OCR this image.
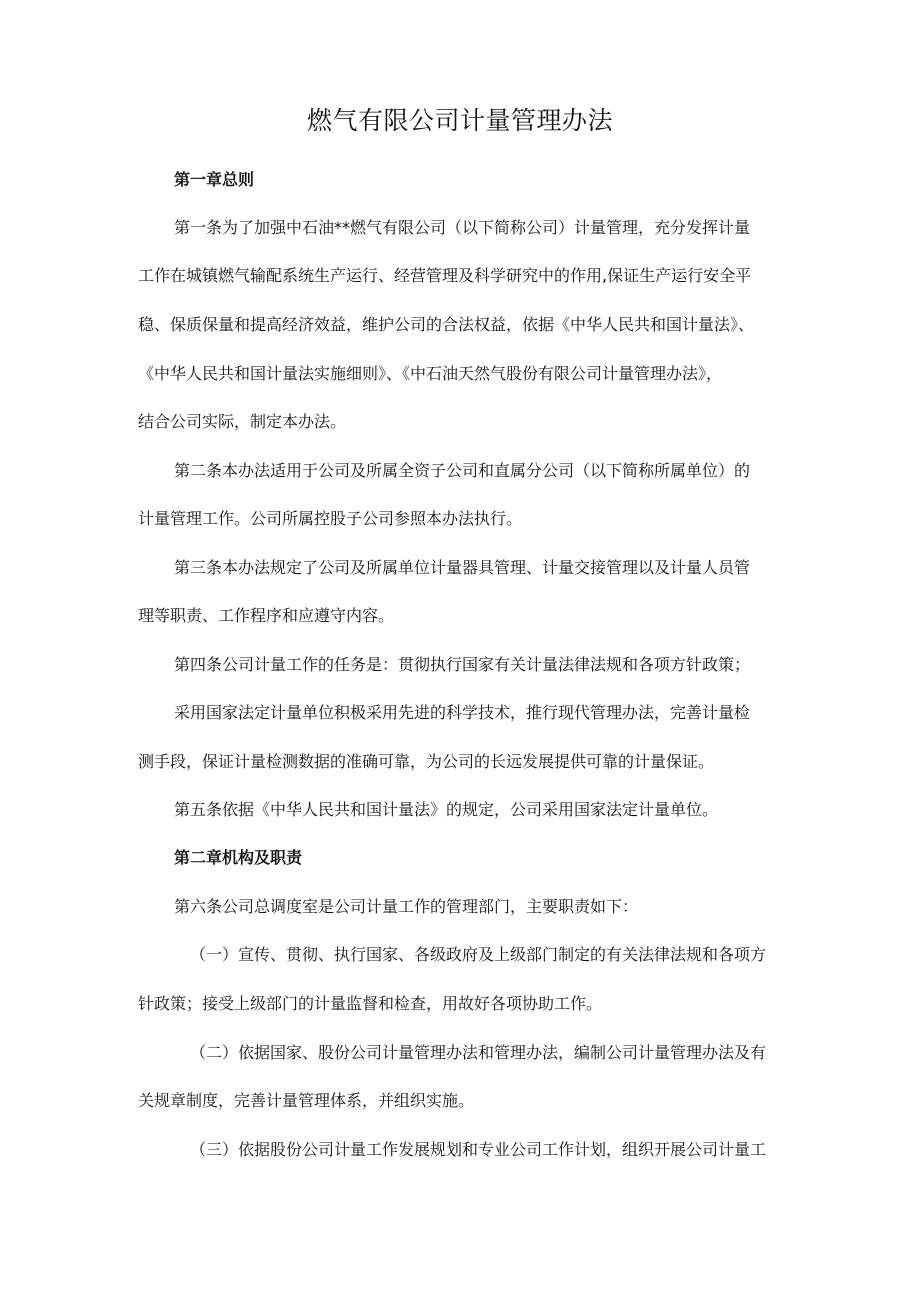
燃气有限公司计量管理办法
第一章总则
第一条为了加强中石油**燃气有限公司（以下简称公司）计量管理，充分发挥计量
工作在城镇燃气输配系统生产运行、经营管理及科学研究中的作用,保证生产运行安全平
稳、保质保量和提高经济效益，维护公司的合法权益，依据《中华人民共和国计量法》、
《中华人民共和国计量法实施细则》、《中石油天然气股份有限公司计量管理办法》，
结合公司实际，制定本办法。
第二条本办法适用于公司及所属全资子公司和直属分公司（以下简称所属单位）的
计量管理工作。公司所属控股子公司参照本办法执行。
第三条本办法规定了公司及所属单位计量器具管理、计量交接管理以及计量人员管
理等职责、工作程序和应遵守内容。
第四条公司计量工作的任务是：贯彻执行国家有关计量法律法规和各项方针政策；
采用国家法定计量单位积极采用先进的科学技术，推行现代管理办法，完善计量检
测手段，保证计量检测数据的准确可靠，为公司的长远发展提供可靠的计量保证。
第五条依据《中华人民共和国计量法》的规定，公司采用国家法定计量单位。
第二章机构及职责
第六条公司总调度室是公司计量工作的管理部门，主要职责如下：
（一）宣传、贯彻、执行国家、各级政府及上级部门制定的有关法律法规和各项方
针政策；接受上级部门的计量监督和检查，用故好各项协助工作。
（二）依据国家、股份公司计量管理办法和管理办法，编制公司计量管理办法及有
关规章制度，完善计量管理体系，并组织实施。
（三）依据股份公司计量工作发展规划和专业公司工作计划，组织开展公司计量工
